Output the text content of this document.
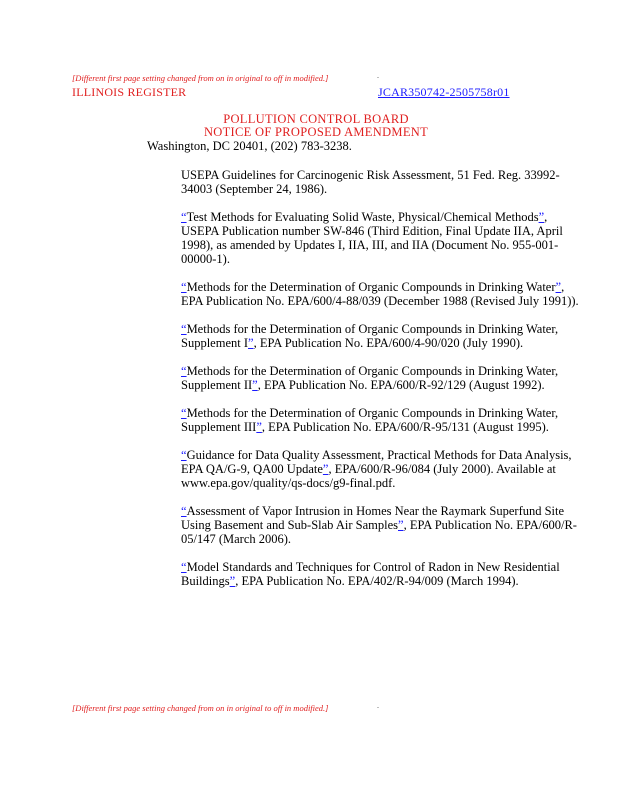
[Different first page setting changed from on in original to off in modified.]	.
ILLINOIS REGISTER	JCAR350742-2505758r01
POLLUTION CONTROL BOARD
NOTICE OF PROPOSED AMENDMENT
Washington, DC 20401, (202) 783-3238.

USEPA Guidelines for Carcinogenic Risk Assessment, 51 Fed. Reg. 33992-34003 (September 24, 1986).

“Test Methods for Evaluating Solid Waste, Physical/Chemical Methods”, USEPA Publication number SW-846 (Third Edition, Final Update IIA, April 1998), as amended by Updates I, IIA, III, and IIA (Document No. 955-001-00000-1).

“Methods for the Determination of Organic Compounds in Drinking Water”, EPA Publication No. EPA/600/4-88/039 (December 1988 (Revised July 1991)).

“Methods for the Determination of Organic Compounds in Drinking Water, Supplement I”, EPA Publication No. EPA/600/4-90/020 (July 1990).

“Methods for the Determination of Organic Compounds in Drinking Water, Supplement II”, EPA Publication No. EPA/600/R-92/129 (August 1992).

“Methods for the Determination of Organic Compounds in Drinking Water, Supplement III”, EPA Publication No. EPA/600/R-95/131 (August 1995).

“Guidance for Data Quality Assessment, Practical Methods for Data Analysis, EPA QA/G-9, QA00 Update”, EPA/600/R-96/084 (July 2000). Available at www.epa.gov/quality/qs-docs/g9-final.pdf.

“Assessment of Vapor Intrusion in Homes Near the Raymark Superfund Site Using Basement and Sub-Slab Air Samples”, EPA Publication No. EPA/600/R-05/147 (March 2006).

“Model Standards and Techniques for Control of Radon in New Residential Buildings”, EPA Publication No. EPA/402/R-94/009 (March 1994).

[Different first page setting changed from on in original to off in modified.]	.
